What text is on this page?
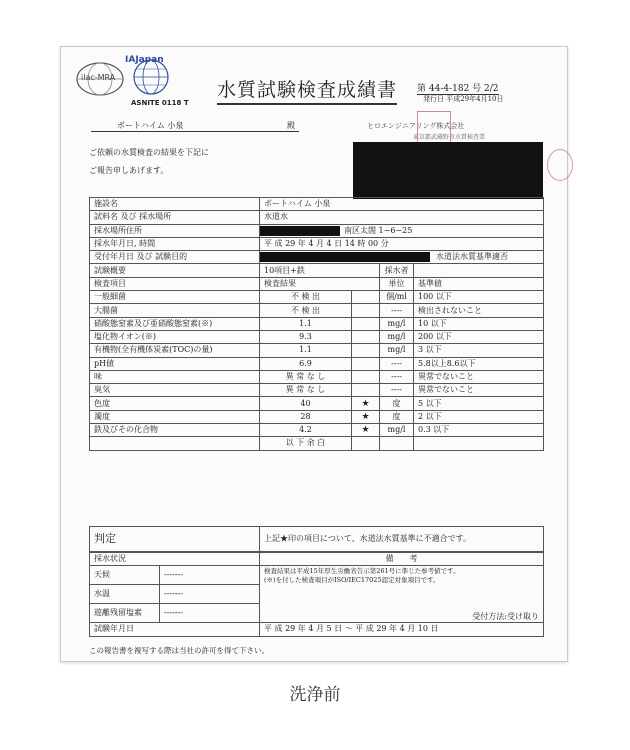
ilac-MRA
IAJapan
ASNITE 0118 T
水質試験検査成績書 第 44-4-182 号 2/2
発行日 平成29年4月10日
ポートハイム 小泉	殿	ヒロエンジニアリング株式会社
東京都武蔵野市水質検査業
ご依頼の水質検査の結果を下記に
ご報告申しあげます。
施設名	ポートハイム 小泉			
試料名 及び 採水場所	水道水			
採水場所住所	南区太閤 1−6−25			

採水年月日, 時間	平 成 29 年 4 月 4 日 14 時 00 分			
受付年月日 及び 試験目的	水道法水質基準適否			

試験概要	10項目+鉄		採水者	
検査項目	検査結果		単位	基準値
一般細菌	不 検 出		個/ml	100 以下
大腸菌	不 検 出		----	検出されないこと
硝酸態窒素及び亜硝酸態窒素(※)	1.1		mg/l	10 以下
塩化物イオン(※)	9.3		mg/l	200 以下
有機物(全有機体炭素(TOC)の量)	1.1		mg/l	3 以下
pH値	6.9		----	5.8以上8.6以下
味	異 常 な し		----	異常でないこと
臭気	異 常 な し		----	異常でないこと
色度	40	★	度	5 以下
濁度	28	★	度	2 以下
鉄及びその化合物	4.2	★	mg/l	0.3 以下
	以 下 余 白			
判定	上記★印の項目について、水道法水質基準に不適合です。
採水状況		備　　考
天候	-------	検査結果は平成15年厚生労働省告示第261号に準じた参考値です。
(※)を付した検査項目がISO/IEC17025認定対象項目です。
受付方法:受け取り

水温	-------	
遊離残留塩素	-------	
試験年月日		平 成 29 年 4 月 5 日 〜 平 成 29 年 4 月 10 日
この報告書を複写する際は当社の許可を得て下さい。
洗浄前
